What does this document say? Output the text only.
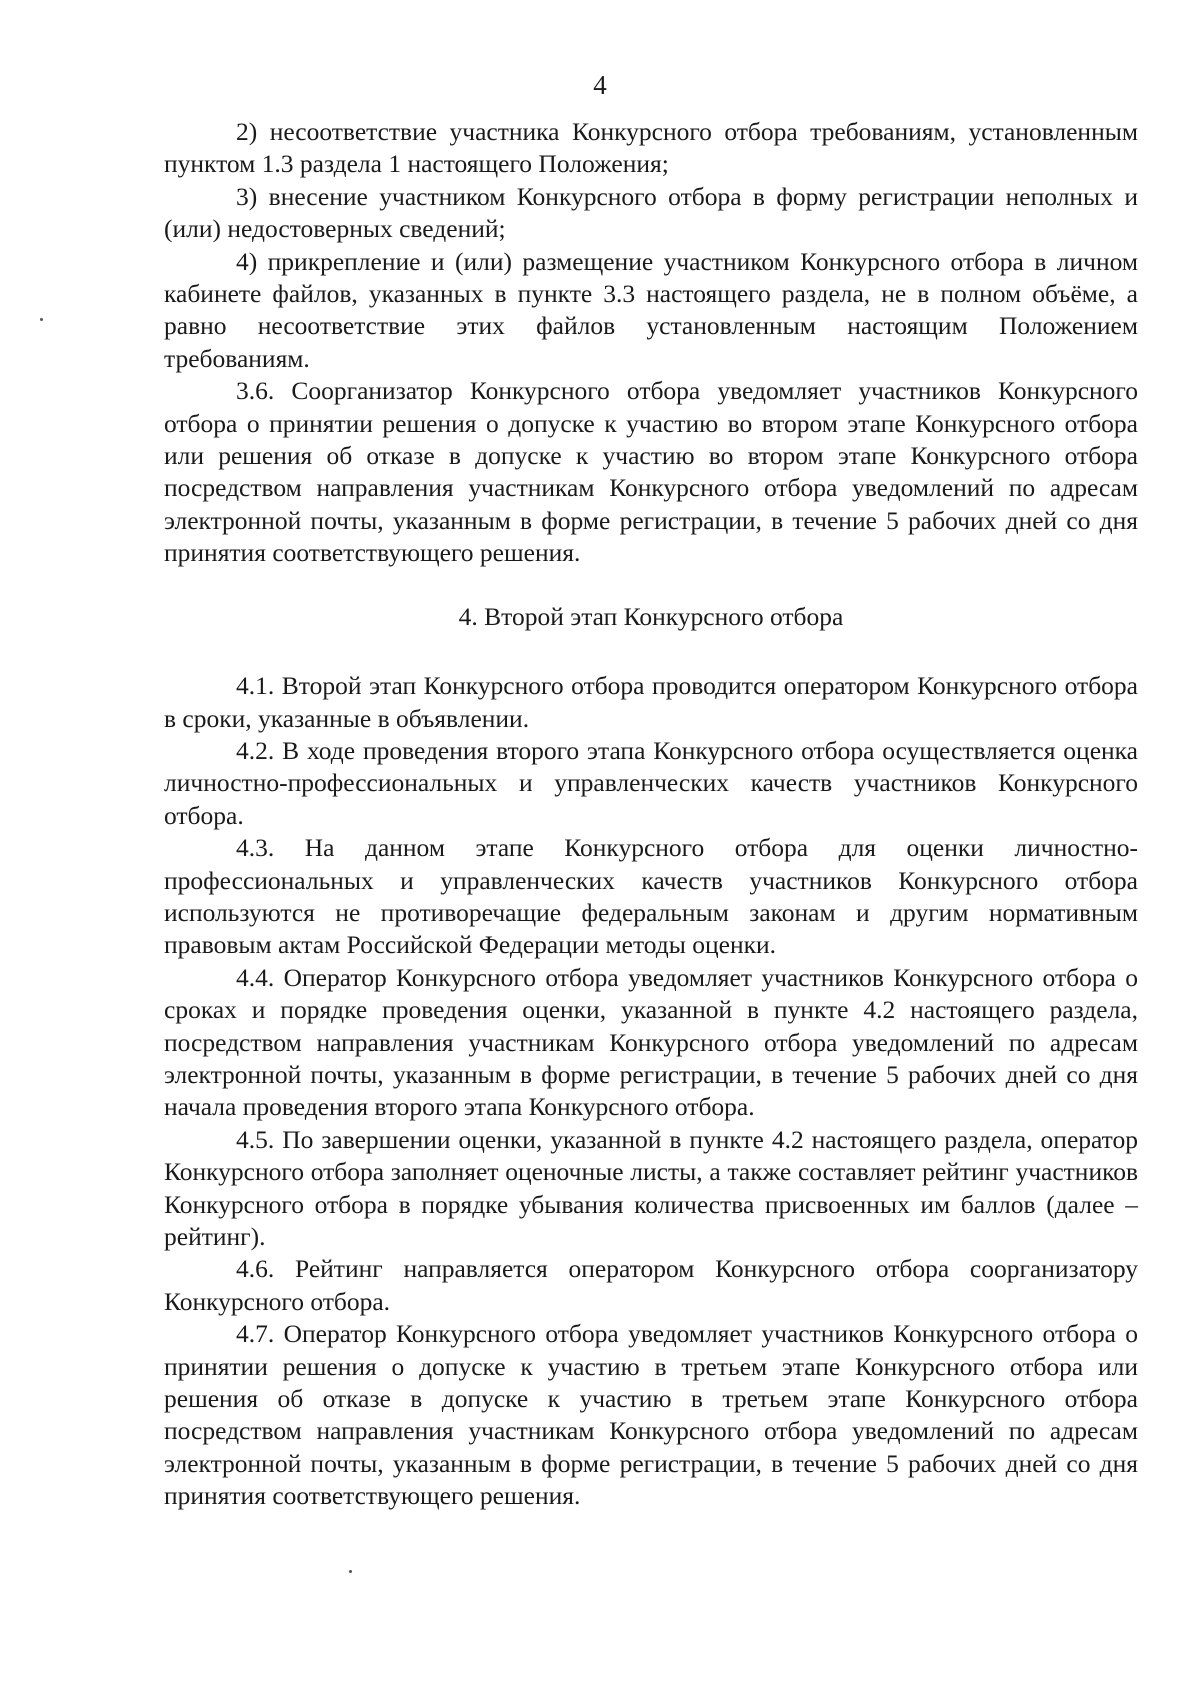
4

2) несоответствие участника Конкурсного отбора требованиям, установленным пунктом 1.3 раздела 1 настоящего Положения;

3) внесение участником Конкурсного отбора в форму регистрации неполных и (или) недостоверных сведений;

4) прикрепление и (или) размещение участником Конкурсного отбора в личном кабинете файлов, указанных в пункте 3.3 настоящего раздела, не в полном объёме, а равно несоответствие этих файлов установленным настоящим Положением требованиям.

3.6. Соорганизатор Конкурсного отбора уведомляет участников Конкурсного отбора о принятии решения о допуске к участию во втором этапе Конкурсного отбора или решения об отказе в допуске к участию во втором этапе Конкурсного отбора посредством направления участникам Конкурсного отбора уведомлений по адресам электронной почты, указанным в форме регистрации, в течение 5 рабочих дней со дня принятия соответствующего решения.

4. Второй этап Конкурсного отбора

4.1. Второй этап Конкурсного отбора проводится оператором Конкурсного отбора в сроки, указанные в объявлении.

4.2. В ходе проведения второго этапа Конкурсного отбора осуществляется оценка личностно-профессиональных и управленческих качеств участников Конкурсного отбора.

4.3. На данном этапе Конкурсного отбора для оценки личностно-профессиональных и управленческих качеств участников Конкурсного отбора используются не противоречащие федеральным законам и другим нормативным правовым актам Российской Федерации методы оценки.

4.4. Оператор Конкурсного отбора уведомляет участников Конкурсного отбора о сроках и порядке проведения оценки, указанной в пункте 4.2 настоящего раздела, посредством направления участникам Конкурсного отбора уведомлений по адресам электронной почты, указанным в форме регистрации, в течение 5 рабочих дней со дня начала проведения второго этапа Конкурсного отбора.

4.5. По завершении оценки, указанной в пункте 4.2 настоящего раздела, оператор Конкурсного отбора заполняет оценочные листы, а также составляет рейтинг участников Конкурсного отбора в порядке убывания количества присвоенных им баллов (далее – рейтинг).

4.6. Рейтинг направляется оператором Конкурсного отбора соорганизатору Конкурсного отбора.

4.7. Оператор Конкурсного отбора уведомляет участников Конкурсного отбора о принятии решения о допуске к участию в третьем этапе Конкурсного отбора или решения об отказе в допуске к участию в третьем этапе Конкурсного отбора посредством направления участникам Конкурсного отбора уведомлений по адресам электронной почты, указанным в форме регистрации, в течение 5 рабочих дней со дня принятия соответствующего решения.
